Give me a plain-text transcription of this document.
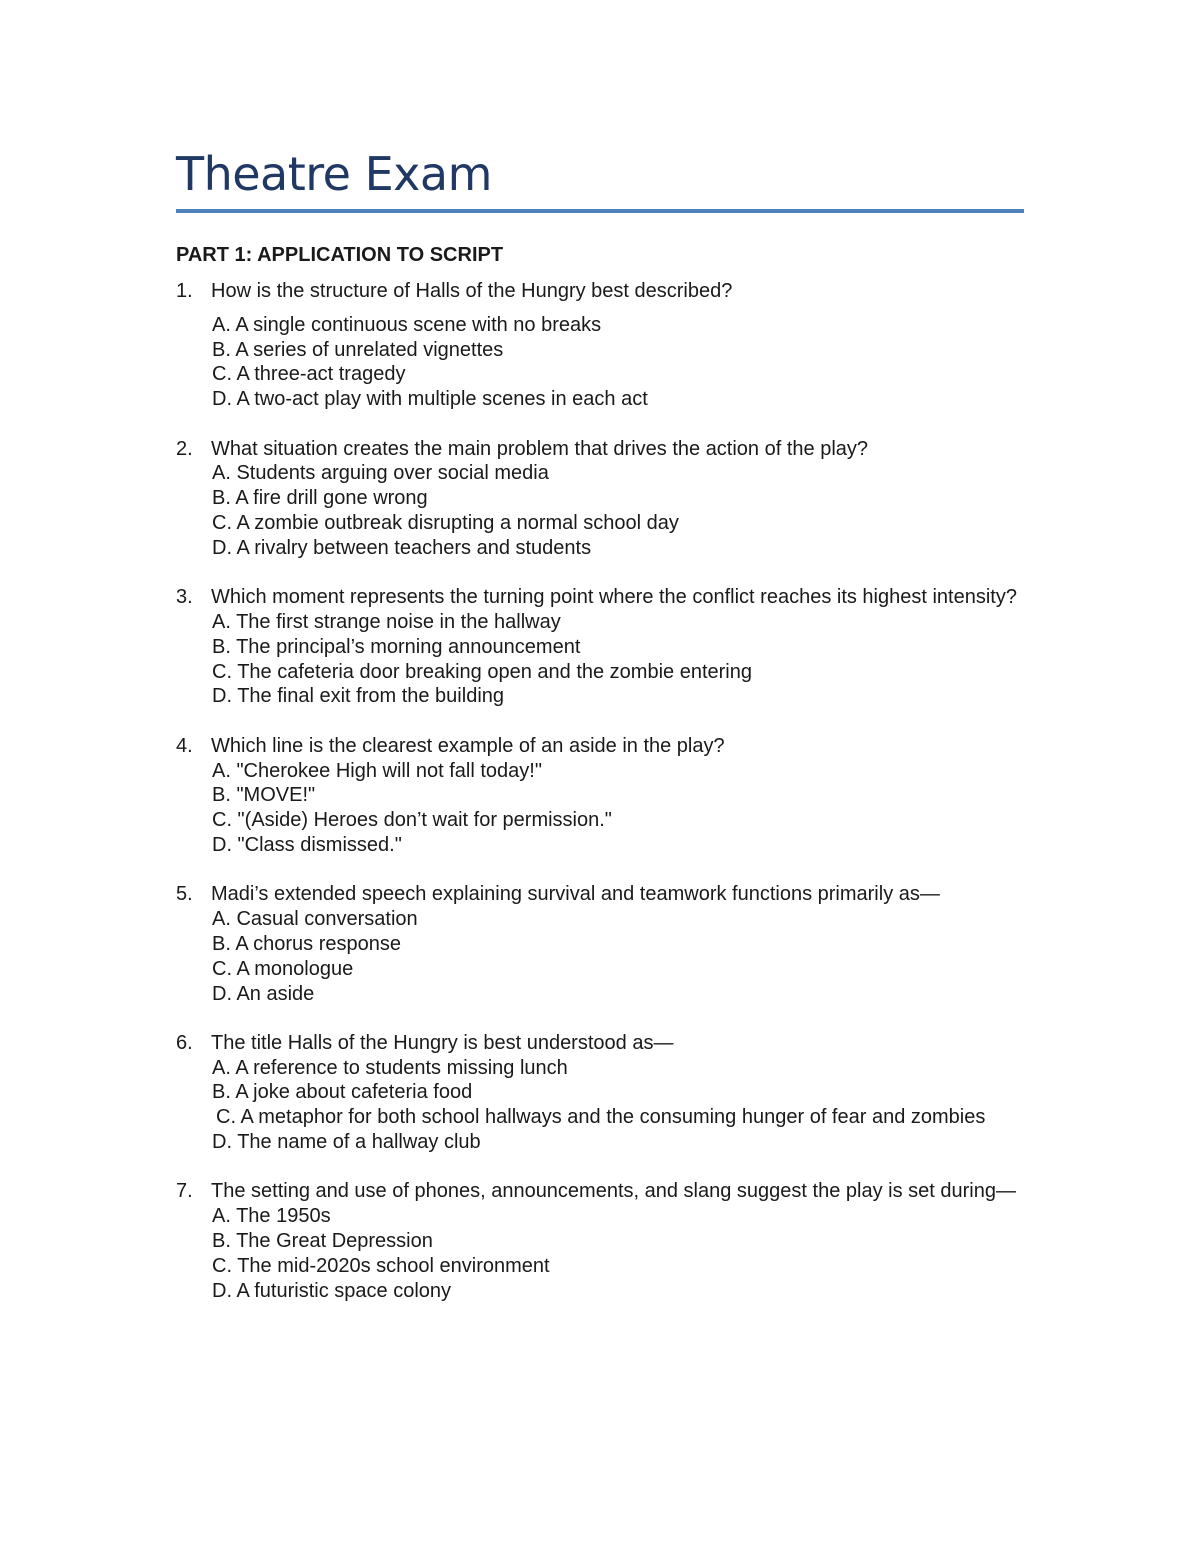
Theatre Exam
PART 1: APPLICATION TO SCRIPT
1. How is the structure of Halls of the Hungry best described?
A. A single continuous scene with no breaks
B. A series of unrelated vignettes
C. A three-act tragedy
D. A two-act play with multiple scenes in each act
2. What situation creates the main problem that drives the action of the play?
A. Students arguing over social media
B. A fire drill gone wrong
C. A zombie outbreak disrupting a normal school day
D. A rivalry between teachers and students
3. Which moment represents the turning point where the conflict reaches its highest intensity?
A. The first strange noise in the hallway
B. The principal’s morning announcement
C. The cafeteria door breaking open and the zombie entering
D. The final exit from the building
4. Which line is the clearest example of an aside in the play?
A. "Cherokee High will not fall today!"
B. "MOVE!"
C. "(Aside) Heroes don’t wait for permission."
D. "Class dismissed."
5. Madi’s extended speech explaining survival and teamwork functions primarily as—
A. Casual conversation
B. A chorus response
C. A monologue
D. An aside
6. The title Halls of the Hungry is best understood as—
A. A reference to students missing lunch
B. A joke about cafeteria food
C. A metaphor for both school hallways and the consuming hunger of fear and zombies
D. The name of a hallway club
7. The setting and use of phones, announcements, and slang suggest the play is set during—
A. The 1950s
B. The Great Depression
C. The mid-2020s school environment
D. A futuristic space colony
